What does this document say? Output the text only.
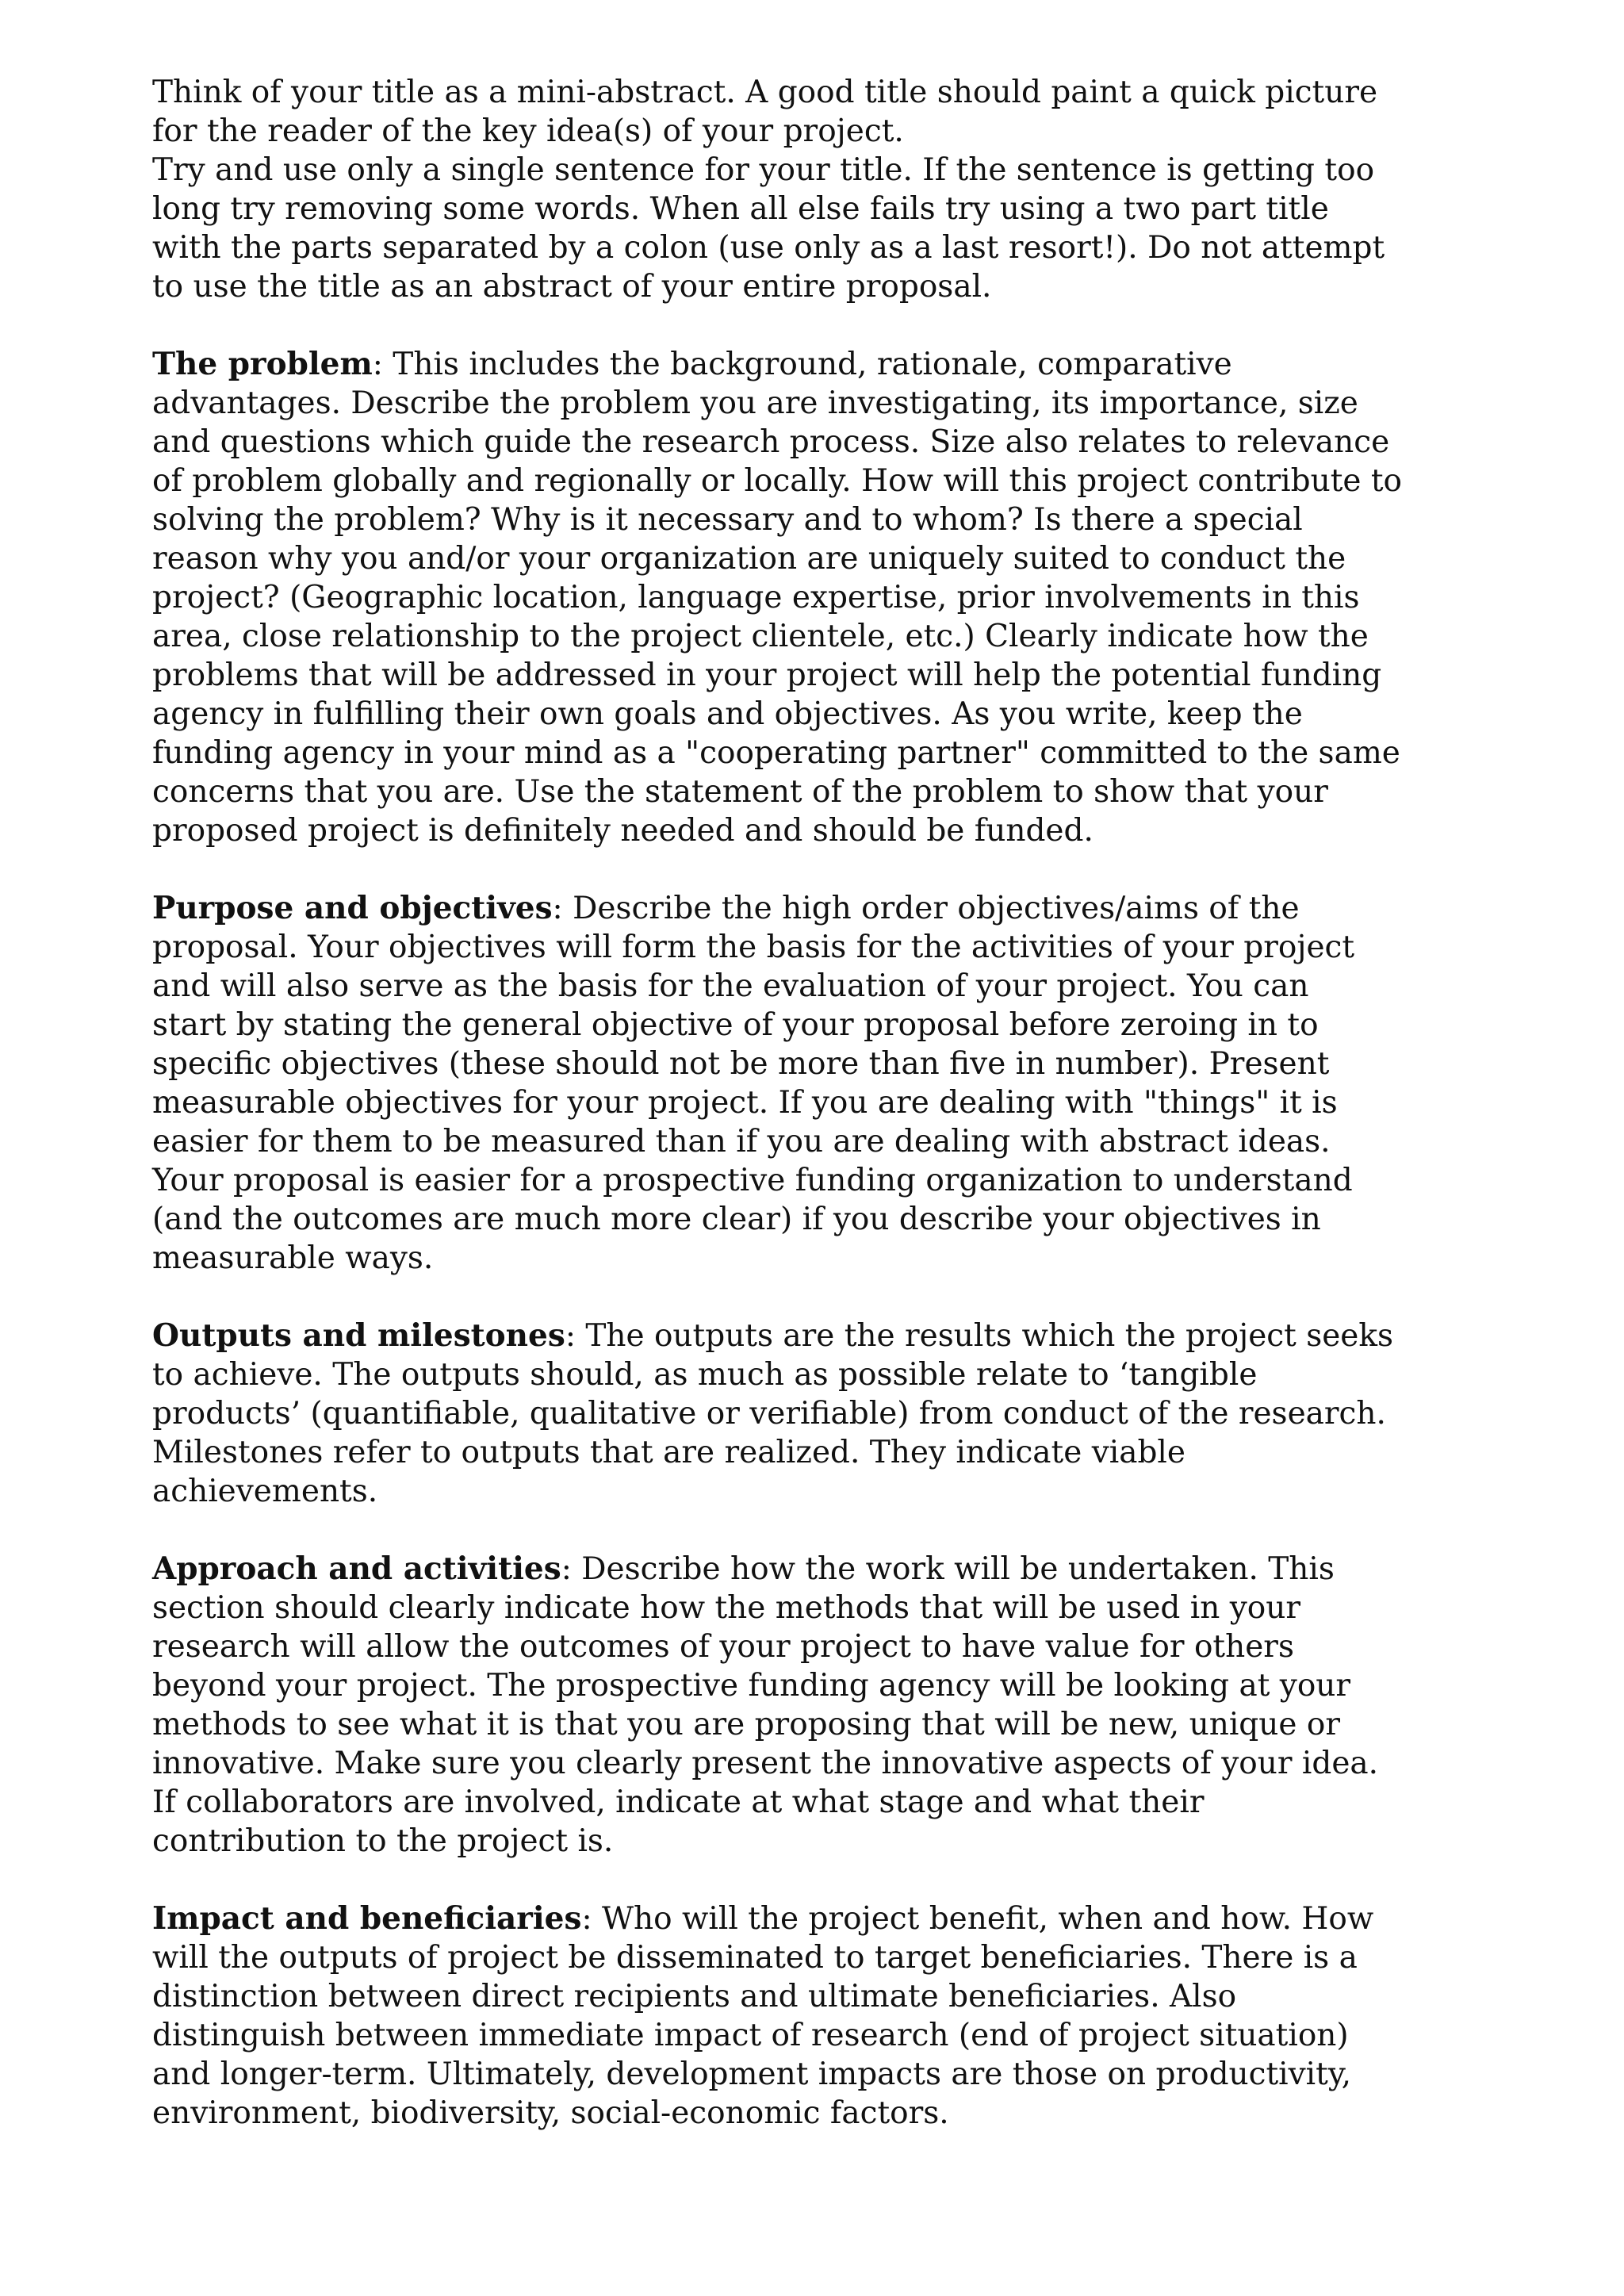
Think of your title as a mini-abstract. A good title should paint a quick picture
for the reader of the key idea(s) of your project.

Try and use only a single sentence for your title. If the sentence is getting too
long try removing some words. When all else fails try using a two part title
with the parts separated by a colon (use only as a last resort!). Do not attempt
to use the title as an abstract of your entire proposal.

The problem: This includes the background, rationale, comparative
advantages. Describe the problem you are investigating, its importance, size
and questions which guide the research process. Size also relates to relevance
of problem globally and regionally or locally. How will this project contribute to
solving the problem? Why is it necessary and to whom? Is there a special
reason why you and/or your organization are uniquely suited to conduct the
project? (Geographic location, language expertise, prior involvements in this
area, close relationship to the project clientele, etc.) Clearly indicate how the
problems that will be addressed in your project will help the potential funding
agency in fulfilling their own goals and objectives. As you write, keep the
funding agency in your mind as a "cooperating partner" committed to the same
concerns that you are. Use the statement of the problem to show that your
proposed project is definitely needed and should be funded.

Purpose and objectives: Describe the high order objectives/aims of the
proposal. Your objectives will form the basis for the activities of your project
and will also serve as the basis for the evaluation of your project. You can
start by stating the general objective of your proposal before zeroing in to
specific objectives (these should not be more than five in number). Present
measurable objectives for your project. If you are dealing with "things" it is
easier for them to be measured than if you are dealing with abstract ideas.
Your proposal is easier for a prospective funding organization to understand
(and the outcomes are much more clear) if you describe your objectives in
measurable ways.

Outputs and milestones: The outputs are the results which the project seeks
to achieve. The outputs should, as much as possible relate to ‘tangible
products’ (quantifiable, qualitative or verifiable) from conduct of the research.
Milestones refer to outputs that are realized. They indicate viable
achievements.

Approach and activities: Describe how the work will be undertaken. This
section should clearly indicate how the methods that will be used in your
research will allow the outcomes of your project to have value for others
beyond your project. The prospective funding agency will be looking at your
methods to see what it is that you are proposing that will be new, unique or
innovative. Make sure you clearly present the innovative aspects of your idea.
If collaborators are involved, indicate at what stage and what their
contribution to the project is.

Impact and beneficiaries: Who will the project benefit, when and how. How
will the outputs of project be disseminated to target beneficiaries. There is a
distinction between direct recipients and ultimate beneficiaries. Also
distinguish between immediate impact of research (end of project situation)
and longer-term. Ultimately, development impacts are those on productivity,
environment, biodiversity, social-economic factors.
